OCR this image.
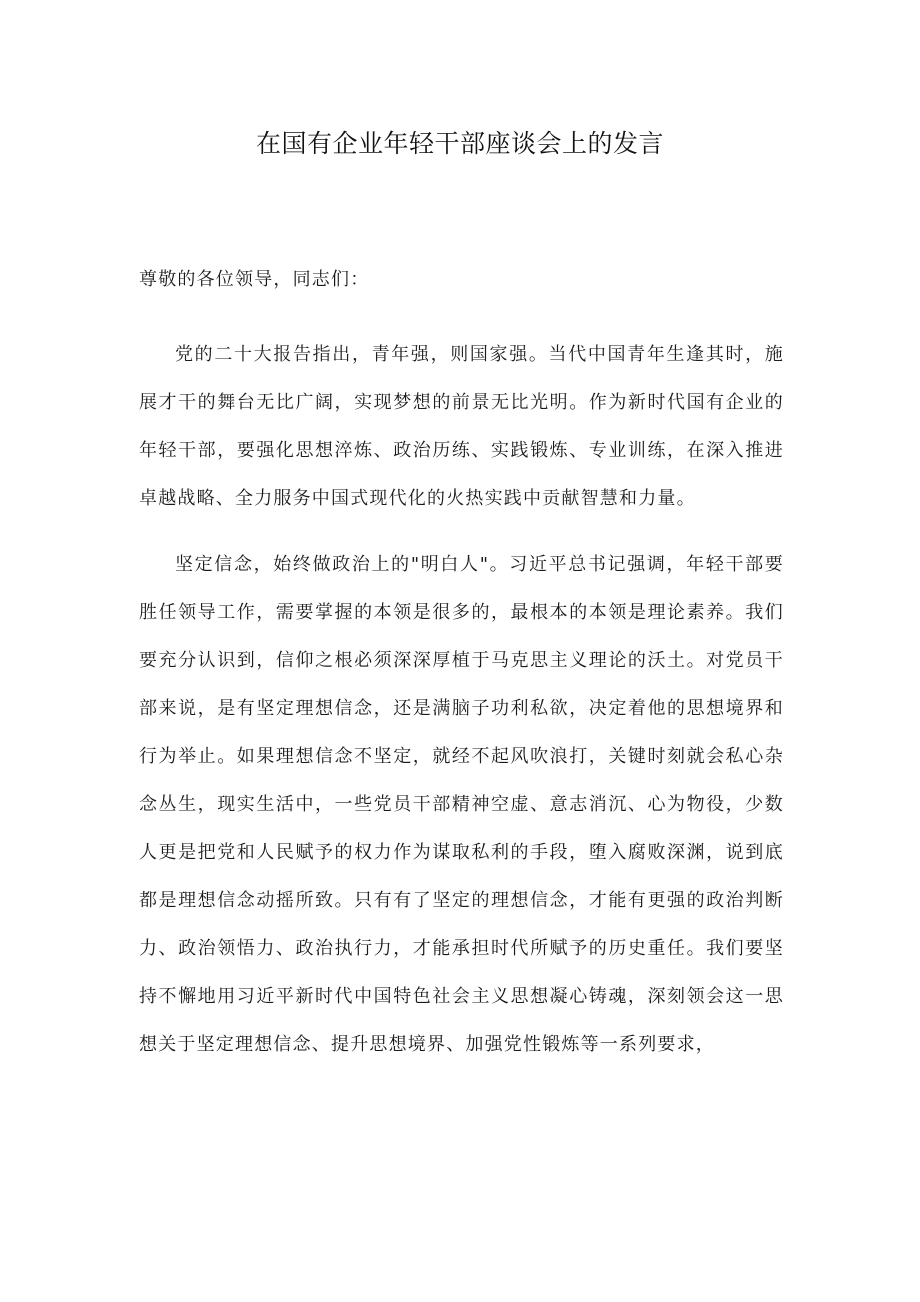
在国有企业年轻干部座谈会上的发言

尊敬的各位领导，同志们：

党的二十大报告指出，青年强，则国家强。当代中国青年生逢其时，施展才干的舞台无比广阔，实现梦想的前景无比光明。作为新时代国有企业的年轻干部，要强化思想淬炼、政治历练、实践锻炼、专业训练，在深入推进卓越战略、全力服务中国式现代化的火热实践中贡献智慧和力量。

坚定信念，始终做政治上的"明白人"。习近平总书记强调，年轻干部要胜任领导工作，需要掌握的本领是很多的，最根本的本领是理论素养。我们要充分认识到，信仰之根必须深深厚植于马克思主义理论的沃土。对党员干部来说，是有坚定理想信念，还是满脑子功利私欲，决定着他的思想境界和行为举止。如果理想信念不坚定，就经不起风吹浪打，关键时刻就会私心杂念丛生，现实生活中，一些党员干部精神空虚、意志消沉、心为物役，少数人更是把党和人民赋予的权力作为谋取私利的手段，堕入腐败深渊，说到底都是理想信念动摇所致。只有有了坚定的理想信念，才能有更强的政治判断力、政治领悟力、政治执行力，才能承担时代所赋予的历史重任。我们要坚持不懈地用习近平新时代中国特色社会主义思想凝心铸魂，深刻领会这一思想关于坚定理想信念、提升思想境界、加强党性锻炼等一系列要求，
